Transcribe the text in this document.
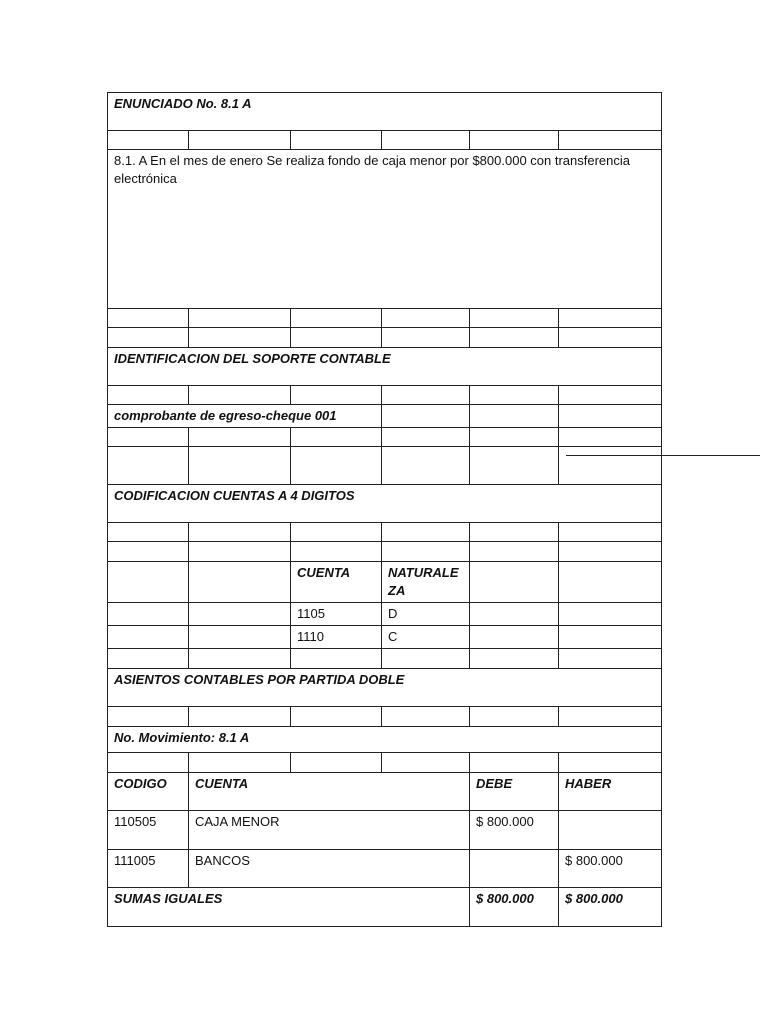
ENUNCIADO No. 8.1 A					

8.1. A En el mes de enero Se realiza fondo de caja menor por $800.000 con transferencia electrónica					

IDENTIFICACION DEL SOPORTE CONTABLE					

comprobante de egreso-cheque 001					

CODIFICACION CUENTAS A 4 DIGITOS					

		CUENTA	NATURALE ZA		
		1105	D		
		1110	C		

ASIENTOS CONTABLES POR PARTIDA DOBLE					

No. Movimiento: 8.1 A					

CODIGO	CUENTA			DEBE	HABER
110505	CAJA MENOR			$ 800.000	
111005	BANCOS				$ 800.000
SUMAS IGUALES				$ 800.000	$ 800.000
